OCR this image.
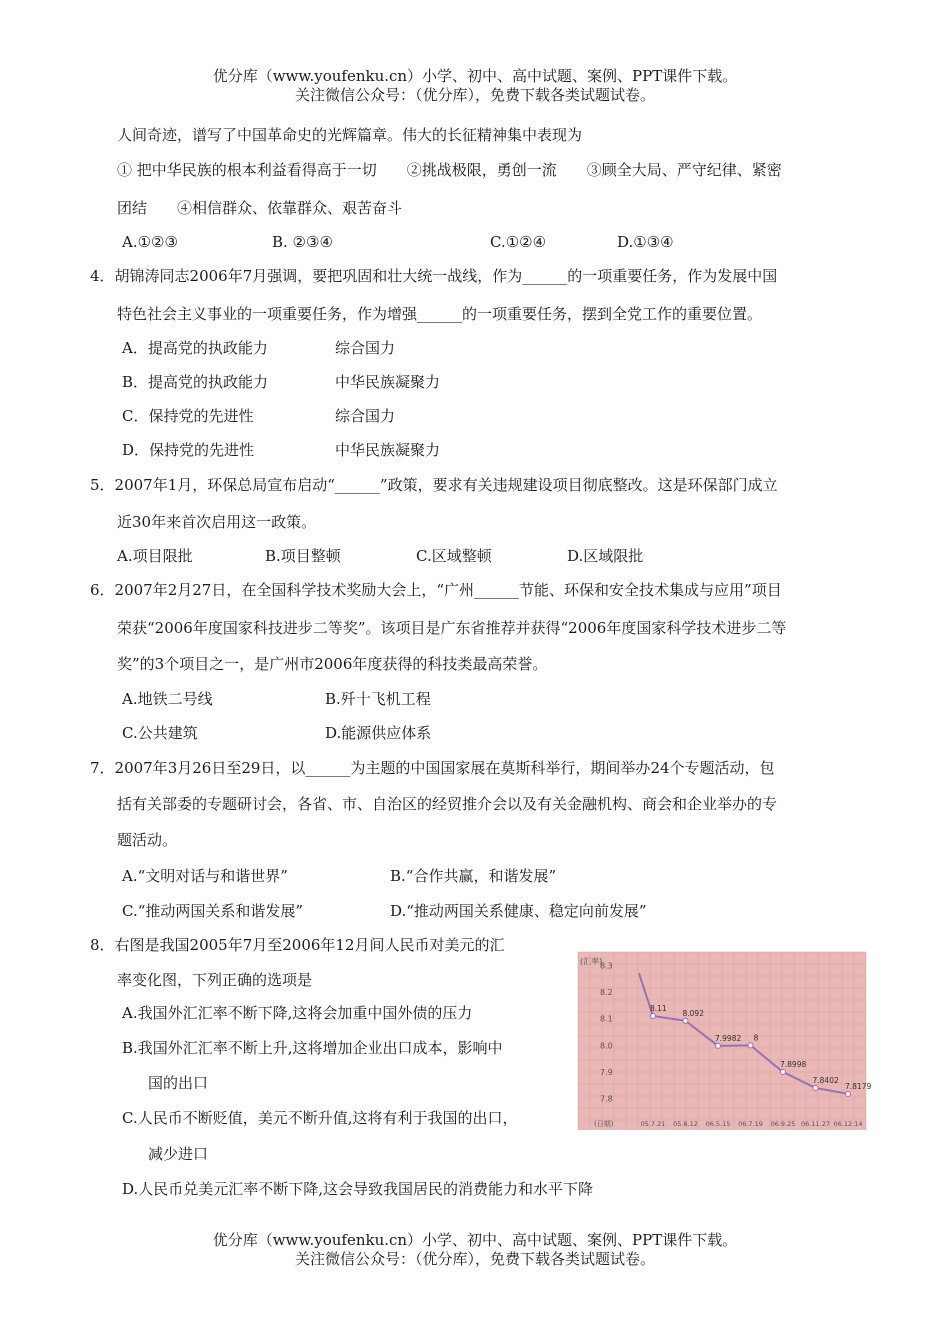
优分库（www.youfenku.cn）小学、初中、高中试题、案例、PPT课件下载。
关注微信公众号：（优分库），免费下载各类试题试卷。
人间奇迹，谱写了中国革命史的光辉篇章。伟大的长征精神集中表现为
① 把中华民族的根本利益看得高于一切　　②挑战极限，勇创一流　　③顾全大局、严守纪律、紧密
团结　　④相信群众、依靠群众、艰苦奋斗
A.①②③	B. ②③④	C.①②④	D.①③④
4．胡锦涛同志2006年7月强调，要把巩固和壮大统一战线，作为______的一项重要任务，作为发展中国
特色社会主义事业的一项重要任务，作为增强______的一项重要任务，摆到全党工作的重要位置。
A．提高党的执政能力	综合国力
B．提高党的执政能力	中华民族凝聚力
C．保持党的先进性	综合国力
D．保持党的先进性	中华民族凝聚力
5．2007年1月，环保总局宣布启动“______”政策，要求有关违规建设项目彻底整改。这是环保部门成立
近30年来首次启用这一政策。
A.项目限批	B.项目整顿	C.区域整顿	D.区域限批
6．2007年2月27日，在全国科学技术奖励大会上，“广州______节能、环保和安全技术集成与应用”项目
荣获“2006年度国家科技进步二等奖”。该项目是广东省推荐并获得“2006年度国家科学技术进步二等
奖”的3个项目之一，是广州市2006年度获得的科技类最高荣誉。
A.地铁二号线	B.歼十飞机工程
C.公共建筑	D.能源供应体系
7．2007年3月26日至29日，以______为主题的中国国家展在莫斯科举行，期间举办24个专题活动，包
括有关部委的专题研讨会，各省、市、自治区的经贸推介会以及有关金融机构、商会和企业举办的专
题活动。
A.“文明对话与和谐世界”	B.“合作共赢，和谐发展”
C.“推动两国关系和谐发展”	D.“推动两国关系健康、稳定向前发展”
8．右图是我国2005年7月至2006年12月间人民币对美元的汇
率变化图，下列正确的选项是
A.我国外汇汇率不断下降,这将会加重中国外债的压力
B.我国外汇汇率不断上升,这将增加企业出口成本，影响中
国的出口
C.人民币不断贬值，美元不断升值,这将有利于我国的出口，
减少进口
D.人民币兑美元汇率不断下降,这会导致我国居民的消费能力和水平下降
(汇率)
8.3
8.2
8.1
8.0
7.9
7.8
(日期)	05.7.21 05.8.12 06.5.15 06.7.19 06.9.25 06.11.27 06.12.14
8.11
8.092
7.9982 8
7.8998
7.8402
7.8179
优分库（www.youfenku.cn）小学、初中、高中试题、案例、PPT课件下载。
关注微信公众号：（优分库），免费下载各类试题试卷。
